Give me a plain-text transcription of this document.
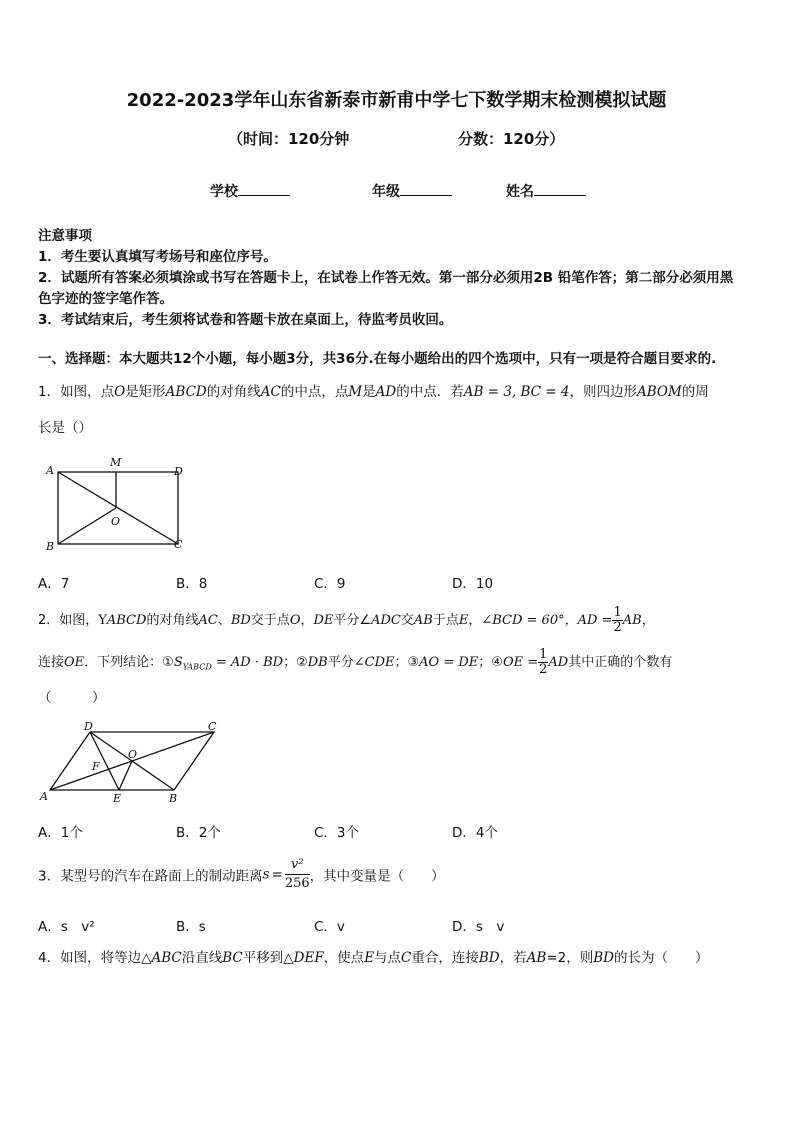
2022-2023学年山东省新泰市新甫中学七下数学期末检测模拟试题
（时间：120分钟	分数：120分）
学校	年级	姓名
注意事项
1．考生要认真填写考场号和座位序号。
2．试题所有答案必须填涂或书写在答题卡上，在试卷上作答无效。第一部分必须用2B 铅笔作答；第二部分必须用黑
色字迹的签字笔作答。
3．考试结束后，考生须将试卷和答题卡放在桌面上，待监考员收回。
一、选择题：本大题共12个小题，每小题3分，共36分.在每小题给出的四个选项中，只有一项是符合题目要求的.
1．如图，点O是矩形ABCD的对角线AC的中点，点M是AD的中点．若AB = 3, BC = 4，则四边形ABOM的周
长是（）
A
M
D
O
B	C
A．7	B．8	C．9	D．10
2．如图，YABCD的对角线AC、BD交于点O，DE平分∠ADC交AB于点E，∠BCD = 60°，AD = $\frac{1}{2}$ AB，
连接OE．下列结论：$①S_{YABCD}$ = AD · BD；②DB平分∠CDE；③AO = DE；④OE = $\frac{1}{2}$ AD其中正确的个数有
（　　　）
D	C
O
F
A	E	B
A．1个	B．2个	C．3个	D．4个
3．某型号的汽车在路面上的制动距离$s = \frac{\text{v²}}{256}$ ，其中变量是（　　）
A．s　v²	B．s	C．v	D．s　v
4．如图，将等边△ABC沿直线BC平移到△DEF，使点E与点C重合，连接BD，若AB=2，则BD的长为（　　）
